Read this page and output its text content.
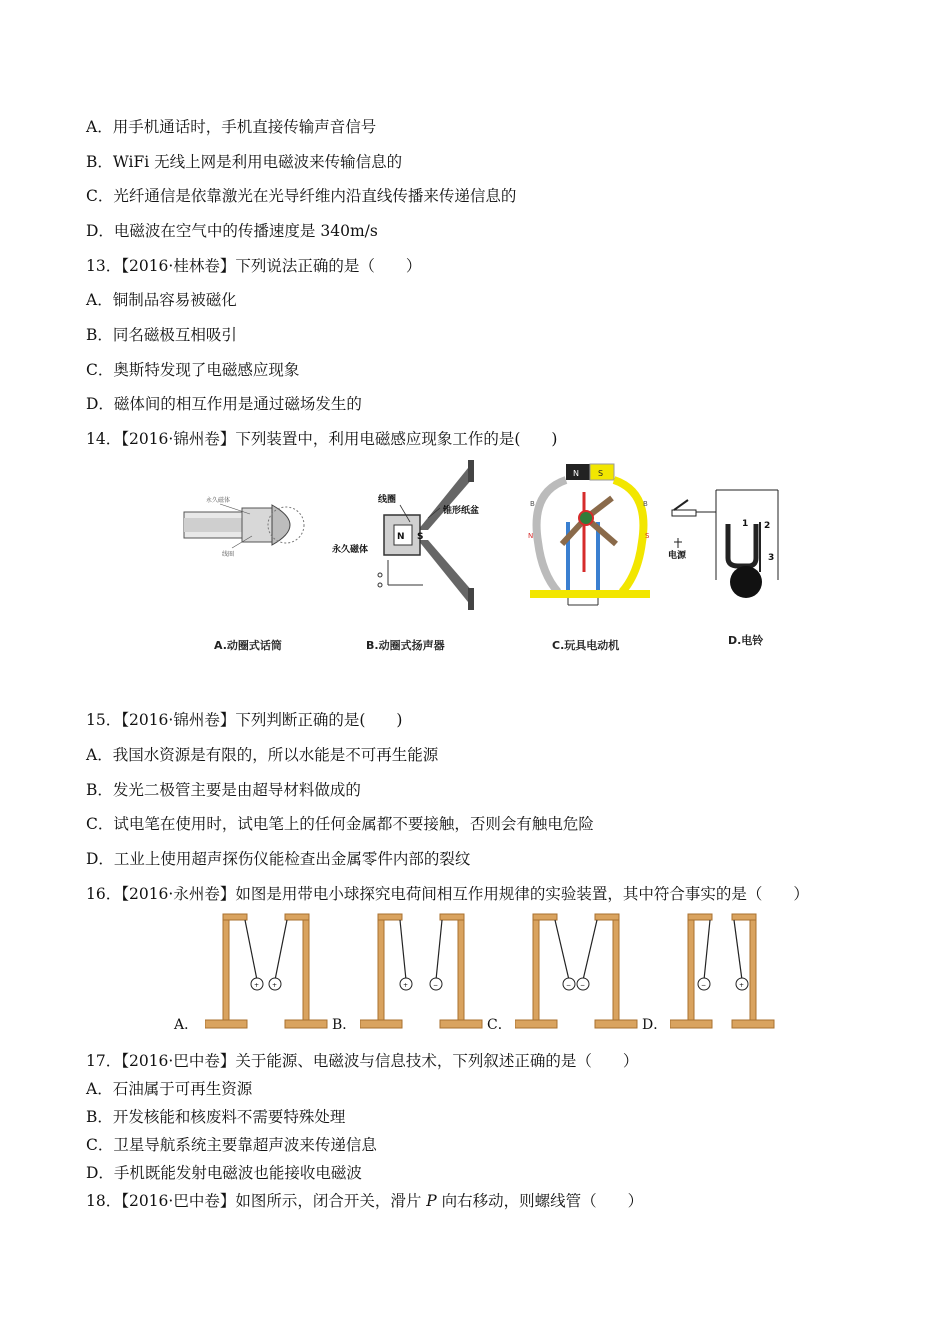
A．用手机通话时，手机直接传输声音信号
B．WiFi 无线上网是利用电磁波来传输信息的
C．光纤通信是依靠激光在光导纤维内沿直线传播来传递信息的
D．电磁波在空气中的传播速度是 340m/s
13．【2016·桂林卷】下列说法正确的是（　　）
A．铜制品容易被磁化
B．同名磁极互相吸引
C．奥斯特发现了电磁感应现象
D．磁体间的相互作用是通过磁场发生的
14．【2016·锦州卷】下列装置中，利用电磁感应现象工作的是(　　)
永久磁体
线圈
A.动圈式话筒
N S
线圈
锥形纸盆
永久磁体
B.动圈式扬声器
N S
B	B
N	S
C.玩具电动机
1 2
3
电源
D.电铃
15．【2016·锦州卷】下列判断正确的是(　　)
A．我国水资源是有限的，所以水能是不可再生能源
B．发光二极管主要是由超导材料做成的
C．试电笔在使用时，试电笔上的任何金属都不要接触，否则会有触电危险
D．工业上使用超声探伤仪能检查出金属零件内部的裂纹
16．【2016·永州卷】如图是用带电小球探究电荷间相互作用规律的实验装置，其中符合事实的是（　　）
+ +
A．
+	−
B．
− −
C．
−	+
D．
17．【2016·巴中卷】关于能源、电磁波与信息技术，下列叙述正确的是（　　）
A．石油属于可再生资源
B．开发核能和核废料不需要特殊处理
C．卫星导航系统主要靠超声波来传递信息
D．手机既能发射电磁波也能接收电磁波
18．【2016·巴中卷】如图所示，闭合开关，滑片 P 向右移动，则螺线管（　　）
